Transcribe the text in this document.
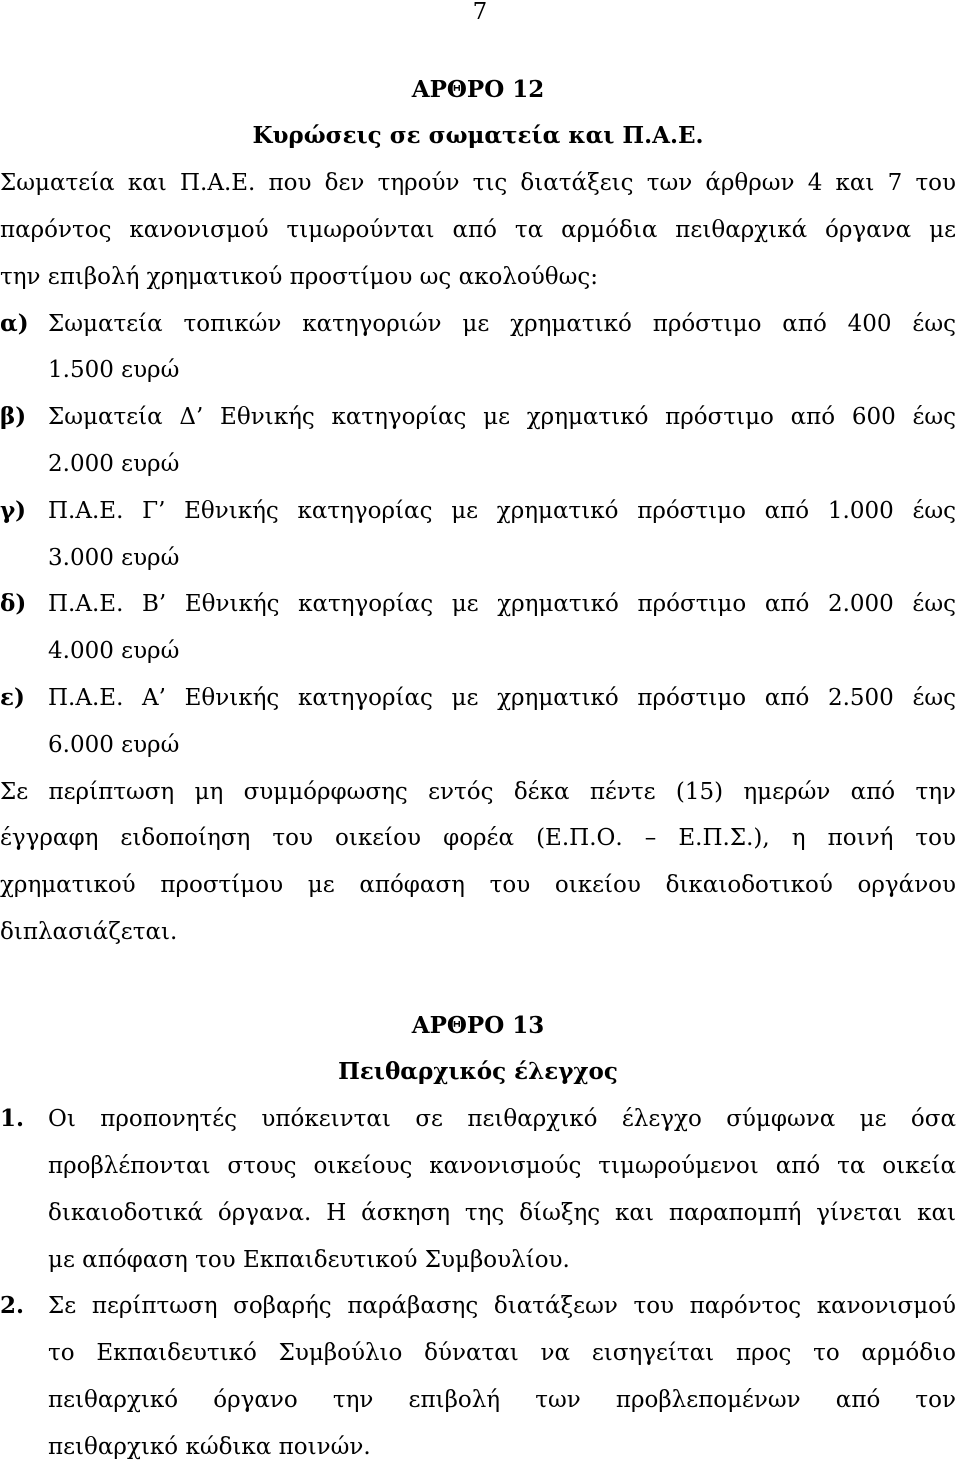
7
ΑΡΘΡΟ 12
Κυρώσεις σε σωματεία και Π.Α.Ε.
Σωματεία και Π.Α.Ε. που δεν τηρούν τις διατάξεις των άρθρων 4 και 7 του
παρόντος κανονισμού τιμωρούνται από τα αρμόδια πειθαρχικά όργανα με
την επιβολή χρηματικού προστίμου ως ακολούθως:
α) Σωματεία τοπικών κατηγοριών με χρηματικό πρόστιμο από 400 έως
1.500 ευρώ
β) Σωματεία Δ’ Εθνικής κατηγορίας με χρηματικό πρόστιμο από 600 έως
2.000 ευρώ
γ) Π.Α.Ε. Γ’ Εθνικής κατηγορίας με χρηματικό πρόστιμο από 1.000 έως
3.000 ευρώ
δ) Π.Α.Ε. Β’ Εθνικής κατηγορίας με χρηματικό πρόστιμο από 2.000 έως
4.000 ευρώ
ε)	Π.Α.Ε. Α’ Εθνικής κατηγορίας με χρηματικό πρόστιμο από 2.500 έως
6.000 ευρώ
Σε περίπτωση μη συμμόρφωσης εντός δέκα πέντε (15) ημερών από την
έγγραφη ειδοποίηση του οικείου φορέα (Ε.Π.Ο. – Ε.Π.Σ.), η ποινή του
χρηματικού προστίμου με απόφαση του οικείου δικαιοδοτικού οργάνου
διπλασιάζεται.
ΑΡΘΡΟ 13
Πειθαρχικός έλεγχος
1.	Οι προπονητές υπόκεινται σε πειθαρχικό έλεγχο σύμφωνα με όσα
προβλέπονται στους οικείους κανονισμούς τιμωρούμενοι από τα οικεία
δικαιοδοτικά όργανα. Η άσκηση της δίωξης και παραπομπή γίνεται και
με απόφαση του Εκπαιδευτικού Συμβουλίου.
2.	Σε περίπτωση σοβαρής παράβασης διατάξεων του παρόντος κανονισμού
το Εκπαιδευτικό Συμβούλιο δύναται να εισηγείται προς το αρμόδιο
πειθαρχικό όργανο την επιβολή των προβλεπομένων από τον
πειθαρχικό κώδικα ποινών.
